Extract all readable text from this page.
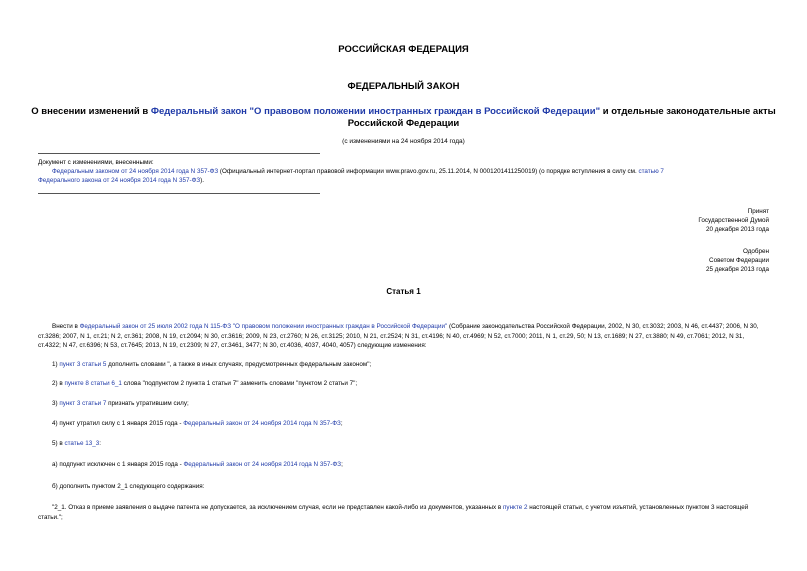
РОССИЙСКАЯ ФЕДЕРАЦИЯ
ФЕДЕРАЛЬНЫЙ ЗАКОН
О внесении изменений в Федеральный закон "О правовом положении иностранных граждан в Российской Федерации" и отдельные законодательные акты
Российской Федерации
(с изменениями на 24 ноября 2014 года)
Документ с изменениями, внесенными:
Федеральным законом от 24 ноября 2014 года N 357-ФЗ (Официальный интернет-портал правовой информации www.pravo.gov.ru, 25.11.2014, N 0001201411250019) (о порядке вступления в силу см. статью 7
Федерального закона от 24 ноября 2014 года N 357-ФЗ).
Принят
Государственной Думой
20 декабря 2013 года
Одобрен
Советом Федерации
25 декабря 2013 года
Статья 1
Внести в Федеральный закон от 25 июля 2002 года N 115-ФЗ "О правовом положении иностранных граждан в Российской Федерации" (Собрание законодательства Российской Федерации, 2002, N 30, ст.3032; 2003, N 46, ст.4437; 2006, N 30, ст.3286; 2007, N 1, ст.21; N 2, ст.361; 2008, N 19, ст.2094; N 30, ст.3616; 2009, N 23, ст.2760; N 26, ст.3125; 2010, N 21, ст.2524; N 31, ст.4196; N 40, ст.4969; N 52, ст.7000; 2011, N 1, ст.29, 50; N 13, ст.1689; N 27, ст.3880; N 49, ст.7061; 2012, N 31, ст.4322; N 47, ст.6396; N 53, ст.7645; 2013, N 19, ст.2309; N 27, ст.3461, 3477; N 30, ст.4036, 4037, 4040, 4057) следующие изменения:
1) пункт 3 статьи 5 дополнить словами ", а также в иных случаях, предусмотренных федеральным законом";
2) в пункте 8 статьи 6_1 слова "подпунктом 2 пункта 1 статьи 7" заменить словами "пунктом 2 статьи 7";
3) пункт 3 статьи 7 признать утратившим силу;
4) пункт утратил силу с 1 января 2015 года - Федеральный закон от 24 ноября 2014 года N 357-ФЗ;
5) в статье 13_3:
а) подпункт исключен с 1 января 2015 года - Федеральный закон от 24 ноября 2014 года N 357-ФЗ;
б) дополнить пунктом 2_1 следующего содержания:
"2_1. Отказ в приеме заявления о выдаче патента не допускается, за исключением случая, если не представлен какой-либо из документов, указанных в пункте 2 настоящей статьи, с учетом изъятий, установленных пунктом 3 настоящей статьи.";
